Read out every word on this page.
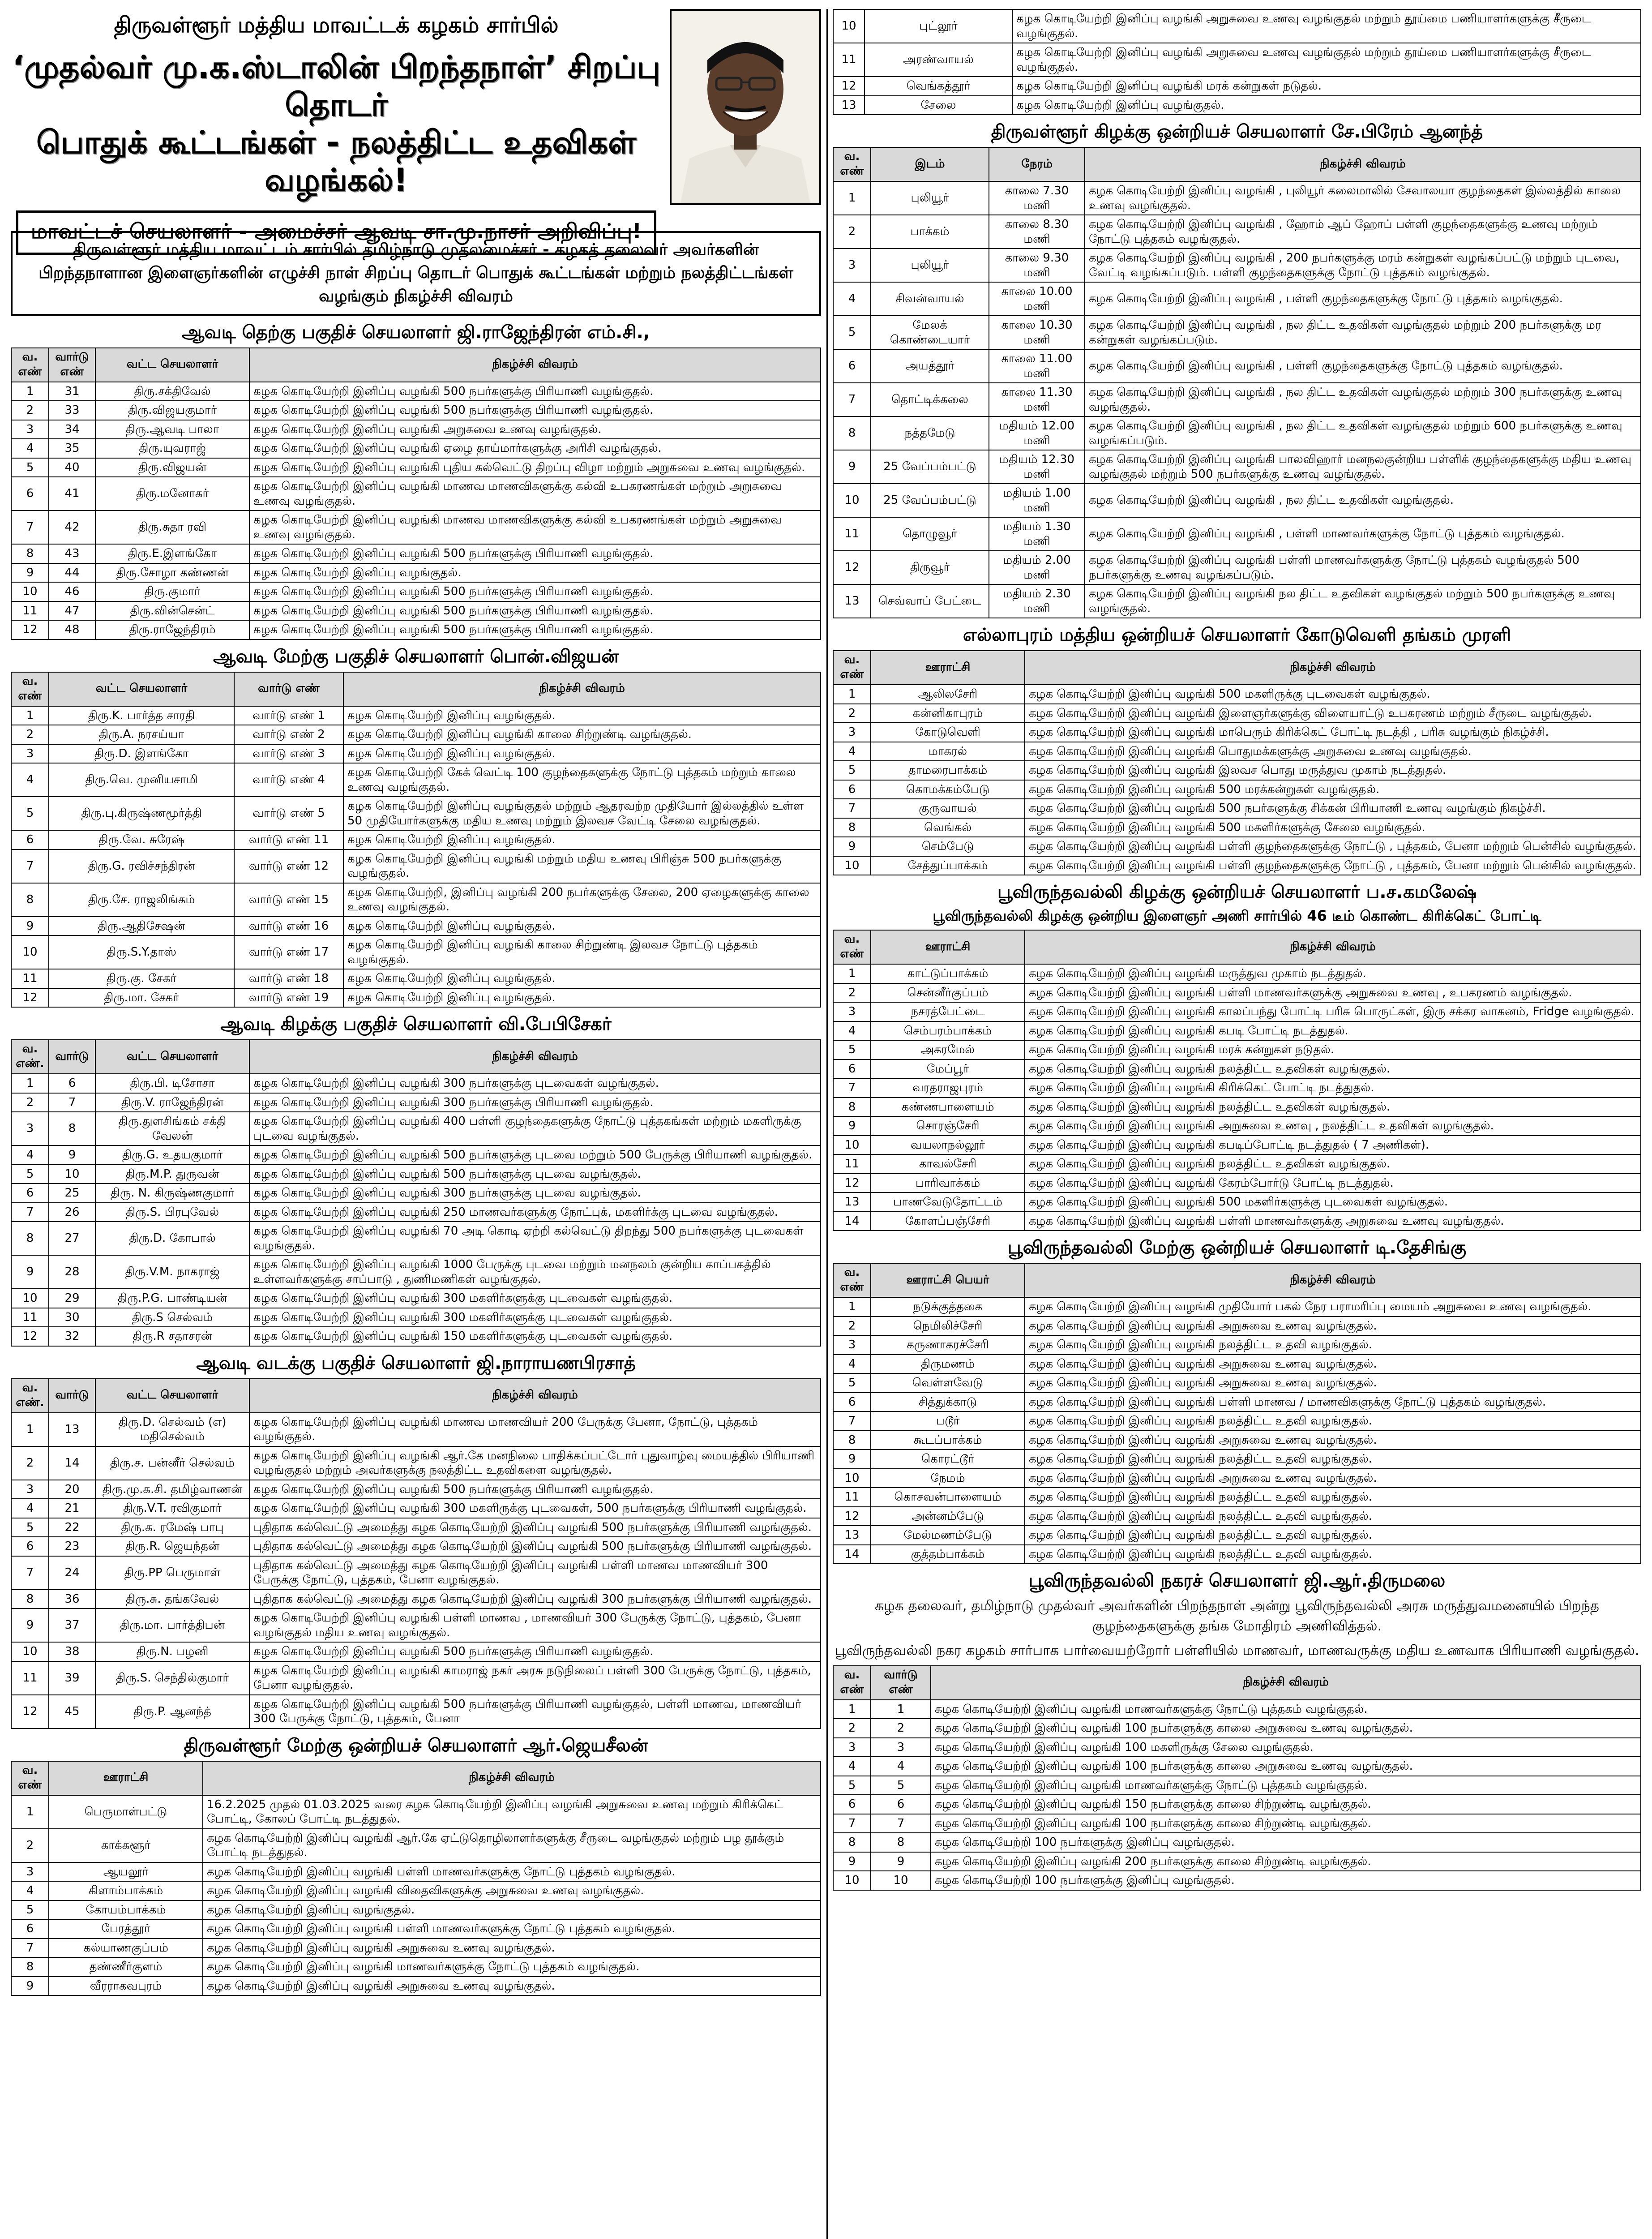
திருவள்ளூர் மத்திய மாவட்டக் கழகம் சார்பில்
‘முதல்வர் மு.க.ஸ்டாலின் பிறந்தநாள்’ சிறப்பு தொடர்
பொதுக் கூட்டங்கள் - நலத்திட்ட உதவிகள் வழங்கல்!
மாவட்டச் செயலாளர் - அமைச்சர் ஆவடி சா.மு.நாசர் அறிவிப்பு!
திருவள்ளூர் மத்திய மாவட்டம் சார்பில் தமிழ்நாடு முதலமைச்சர் - கழகத் தலைவர் அவர்களின் பிறந்தநாளான இளைஞர்களின் எழுச்சி நாள் சிறப்பு தொடர் பொதுக் கூட்டங்கள் மற்றும் நலத்திட்டங்கள் வழங்கும் நிகழ்ச்சி விவரம்
ஆவடி தெற்கு பகுதிச் செயலாளர் ஜி.ராஜேந்திரன் எம்.சி.,
வ. எண்	வார்டு எண்	வட்ட செயலாளர்	நிகழ்ச்சி விவரம்
1	31	திரு.சக்திவேல்	கழக கொடியேற்றி இனிப்பு வழங்கி 500 நபர்களுக்கு பிரியாணி வழங்குதல்.
2	33	திரு.விஜயகுமார்	கழக கொடியேற்றி இனிப்பு வழங்கி 500 நபர்களுக்கு பிரியாணி வழங்குதல்.
3	34	திரு.ஆவடி பாலா	கழக கொடியேற்றி இனிப்பு வழங்கி அறுசுவை உணவு வழங்குதல்.
4	35	திரு.யுவராஜ்	கழக கொடியேற்றி இனிப்பு வழங்கி ஏழை தாய்மார்களுக்கு அரிசி வழங்குதல்.
5	40	திரு.விஜயன்	கழக கொடியேற்றி இனிப்பு வழங்கி புதிய கல்வெட்டு திறப்பு விழா மற்றும் அறுசுவை உணவு வழங்குதல்.
6	41	திரு.மனோகர்	கழக கொடியேற்றி இனிப்பு வழங்கி மாணவ மாணவிகளுக்கு கல்வி உபகரணங்கள் மற்றும் அறுசுவை உணவு வழங்குதல்.
7	42	திரு.சுதா ரவி	கழக கொடியேற்றி இனிப்பு வழங்கி மாணவ மாணவிகளுக்கு கல்வி உபகரணங்கள் மற்றும் அறுசுவை உணவு வழங்குதல்.
8	43	திரு.E.இளங்கோ	கழக கொடியேற்றி இனிப்பு வழங்கி 500 நபர்களுக்கு பிரியாணி வழங்குதல்.
9	44	திரு.சோழா கண்ணன்	கழக கொடியேற்றி இனிப்பு வழங்குதல்.
10	46	திரு.குமார்	கழக கொடியேற்றி இனிப்பு வழங்கி 500 நபர்களுக்கு பிரியாணி வழங்குதல்.
11	47	திரு.வின்சென்ட்	கழக கொடியேற்றி இனிப்பு வழங்கி 500 நபர்களுக்கு பிரியாணி வழங்குதல்.
12	48	திரு.ராஜேந்திரம்	கழக கொடியேற்றி இனிப்பு வழங்கி 500 நபர்களுக்கு பிரியாணி வழங்குதல்.
ஆவடி மேற்கு பகுதிச் செயலாளர் பொன்.விஜயன்
வ. எண்	வட்ட செயலாளர்	வார்டு எண்	நிகழ்ச்சி விவரம்
1	திரு.K. பார்த்த சாரதி	வார்டு எண் 1	கழக கொடியேற்றி இனிப்பு வழங்குதல்.
2	திரு.A. நரசய்யா	வார்டு எண் 2	கழக கொடியேற்றி இனிப்பு வழங்கி காலை சிற்றுண்டி வழங்குதல்.
3	திரு.D. இளங்கோ	வார்டு எண் 3	கழக கொடியேற்றி இனிப்பு வழங்குதல்.
4	திரு.வெ. முனியசாமி	வார்டு எண் 4	கழக கொடியேற்றி கேக் வெட்டி 100 குழந்தைகளுக்கு நோட்டு புத்தகம் மற்றும் காலை உணவு வழங்குதல்.
5	திரு.பு.கிருஷ்ணமூர்த்தி	வார்டு எண் 5	கழக கொடியேற்றி இனிப்பு வழங்குதல் மற்றும் ஆதரவற்ற முதியோர் இல்லத்தில் உள்ள 50 முதியோர்களுக்கு மதிய உணவு மற்றும் இலவச வேட்டி சேலை வழங்குதல்.
6	திரு.வே. சுரேஷ்	வார்டு எண் 11	கழக கொடியேற்றி இனிப்பு வழங்குதல்.
7	திரு.G. ரவிச்சந்திரன்	வார்டு எண் 12	கழக கொடியேற்றி இனிப்பு வழங்கி மற்றும் மதிய உணவு பிரிஞ்சு 500 நபர்களுக்கு வழங்குதல்.
8	திரு.சே. ராஜலிங்கம்	வார்டு எண் 15	கழக கொடியேற்றி, இனிப்பு வழங்கி 200 நபர்களுக்கு சேலை, 200 ஏழைகளுக்கு காலை உணவு வழங்குதல்.
9	திரு.ஆதிசேஷன்	வார்டு எண் 16	கழக கொடியேற்றி இனிப்பு வழங்குதல்.
10	திரு.S.Y.தாஸ்	வார்டு எண் 17	கழக கொடியேற்றி இனிப்பு வழங்கி காலை சிற்றுண்டி இலவச நோட்டு புத்தகம் வழங்குதல்.
11	திரு.கு. சேகர்	வார்டு எண் 18	கழக கொடியேற்றி இனிப்பு வழங்குதல்.
12	திரு.மா. சேகர்	வார்டு எண் 19	கழக கொடியேற்றி இனிப்பு வழங்குதல்.
ஆவடி கிழக்கு பகுதிச் செயலாளர் வி.பேபிசேகர்
வ. எண்.	வார்டு	வட்ட செயலாளர்	நிகழ்ச்சி விவரம்
1	6	திரு.பி. டிசோசா	கழக கொடியேற்றி இனிப்பு வழங்கி 300 நபர்களுக்கு புடவைகள் வழங்குதல்.
2	7	திரு.V. ராஜேந்திரன்	கழக கொடியேற்றி இனிப்பு வழங்கி 300 நபர்களுக்கு பிரியாணி வழங்குதல்.
3	8	திரு.துளசிங்கம் சக்தி வேலன்	கழக கொடியேற்றி இனிப்பு வழங்கி 400 பள்ளி குழந்தைகளுக்கு நோட்டு புத்தகங்கள் மற்றும் மகளிருக்கு புடவை வழங்குதல்.
4	9	திரு.G. உதயகுமார்	கழக கொடியேற்றி இனிப்பு வழங்கி 500 நபர்களுக்கு புடவை மற்றும் 500 பேருக்கு பிரியாணி வழங்குதல்.
5	10	திரு.M.P. துருவன்	கழக கொடியேற்றி இனிப்பு வழங்கி 500 நபர்களுக்கு புடவை வழங்குதல்.
6	25	திரு. N. கிருஷ்ணகுமார்	கழக கொடியேற்றி இனிப்பு வழங்கி 300 நபர்களுக்கு புடவை வழங்குதல்.
7	26	திரு.S. பிரபுவேல்	கழக கொடியேற்றி இனிப்பு வழங்கி 250 மாணவர்களுக்கு நோட்புக், மகளிர்க்கு புடவை வழங்குதல்.
8	27	திரு.D. கோபால்	கழக கொடியேற்றி இனிப்பு வழங்கி 70 அடி கொடி ஏற்றி கல்வெட்டு திறந்து 500 நபர்களுக்கு புடவைகள் வழங்குதல்.
9	28	திரு.V.M. நாகராஜ்	கழக கொடியேற்றி இனிப்பு வழங்கி 1000 பேருக்கு புடவை மற்றும் மனநலம் குன்றிய காப்பகத்தில் உள்ளவர்களுக்கு சாப்பாடு , துணிமணிகள் வழங்குதல்.
10	29	திரு.P.G. பாண்டியன்	கழக கொடியேற்றி இனிப்பு வழங்கி 300 மகளிர்களுக்கு புடவைகள் வழங்குதல்.
11	30	திரு.S செல்வம்	கழக கொடியேற்றி இனிப்பு வழங்கி 300 மகளிர்களுக்கு புடவைகள் வழங்குதல்.
12	32	திரு.R சதாசரன்	கழக கொடியேற்றி இனிப்பு வழங்கி 150 மகளிர்களுக்கு புடவைகள் வழங்குதல்.
ஆவடி வடக்கு பகுதிச் செயலாளர் ஜி.நாராயணபிரசாத்
வ. எண்.	வார்டு	வட்ட செயலாளர்	நிகழ்ச்சி விவரம்
1	13	திரு.D. செல்வம் (எ) மதிசெல்வம்	கழக கொடியேற்றி இனிப்பு வழங்கி மாணவ மாணவியர் 200 பேருக்கு பேனா, நோட்டு, புத்தகம் வழங்குதல்.
2	14	திரு.ச. பன்னீர் செல்வம்	கழக கொடியேற்றி இனிப்பு வழங்கி ஆர்.கே மனநிலை பாதிக்கப்பட்டோர் புதுவாழ்வு மையத்தில் பிரியாணி வழங்குதல் மற்றும் அவர்களுக்கு நலத்திட்ட உதவிகளை வழங்குதல்.
3	20	திரு.மு.க.சி. தமிழ்வாணன்	கழக கொடியேற்றி இனிப்பு வழங்கி 500 நபர்களுக்கு பிரியாணி வழங்குதல்.
4	21	திரு.V.T. ரவிகுமார்	கழக கொடியேற்றி இனிப்பு வழங்கி 300 மகளிருக்கு புடவைகள், 500 நபர்களுக்கு பிரியாணி வழங்குதல்.
5	22	திரு.க. ரமேஷ் பாபு	புதிதாக கல்வெட்டு அமைத்து கழக கொடியேற்றி இனிப்பு வழங்கி 500 நபர்களுக்கு பிரியாணி வழங்குதல்.
6	23	திரு.R. ஜெயந்தன்	புதிதாக கல்வெட்டு அமைத்து கழக கொடியேற்றி இனிப்பு வழங்கி 500 நபர்களுக்கு பிரியாணி வழங்குதல்.
7	24	திரு.PP பெருமாள்	புதிதாக கல்வெட்டு அமைத்து கழக கொடியேற்றி இனிப்பு வழங்கி பள்ளி மாணவ மாணவியர் 300 பேருக்கு நோட்டு, புத்தகம், பேனா வழங்குதல்.
8	36	திரு.சு. தங்கவேல்	புதிதாக கல்வெட்டு அமைத்து கழக கொடியேற்றி இனிப்பு வழங்கி 300 நபர்களுக்கு பிரியாணி வழங்குதல்.
9	37	திரு.மா. பார்த்திபன்	கழக கொடியேற்றி இனிப்பு வழங்கி பள்ளி மாணவ , மாணவியர் 300 பேருக்கு நோட்டு, புத்தகம், பேனா வழங்குதல் மதிய உணவு வழங்குதல்.
10	38	திரு.N. பழனி	கழக கொடியேற்றி இனிப்பு வழங்கி 500 நபர்களுக்கு பிரியாணி வழங்குதல்.
11	39	திரு.S. செந்தில்குமார்	கழக கொடியேற்றி இனிப்பு வழங்கி காமராஜ் நகர் அரசு நடுநிலைப் பள்ளி 300 பேருக்கு நோட்டு, புத்தகம், பேனா வழங்குதல்.
12	45	திரு.P. ஆனந்த்	கழக கொடியேற்றி இனிப்பு வழங்கி 500 நபர்களுக்கு பிரியாணி வழங்குதல், பள்ளி மாணவ, மாணவியர் 300 பேருக்கு நோட்டு, புத்தகம், பேனா
திருவள்ளூர் மேற்கு ஒன்றியச் செயலாளர் ஆர்.ஜெயசீலன்
வ. எண்	ஊராட்சி	நிகழ்ச்சி விவரம்
1	பெருமாள்பட்டு	16.2.2025 முதல் 01.03.2025 வரை கழக கொடியேற்றி இனிப்பு வழங்கி அறுசுவை உணவு மற்றும் கிரிக்கெட் போட்டி, கோலப் போட்டி நடத்துதல்.
2	காக்களூர்	கழக கொடியேற்றி இனிப்பு வழங்கி ஆர்.கே ஏட்டுதொழிலாளர்களுக்கு சீருடை வழங்குதல் மற்றும் பழ தூக்கும் போட்டி நடத்துதல்.
3	ஆயலூர்	கழக கொடியேற்றி இனிப்பு வழங்கி பள்ளி மாணவர்களுக்கு நோட்டு புத்தகம் வழங்குதல்.
4	கிளாம்பாக்கம்	கழக கொடியேற்றி இனிப்பு வழங்கி விதைவிகளுக்கு அறுசுவை உணவு வழங்குதல்.
5	கோயம்பாக்கம்	கழக கொடியேற்றி இனிப்பு வழங்குதல்.
6	பேரத்தூர்	கழக கொடியேற்றி இனிப்பு வழங்கி பள்ளி மாணவர்களுக்கு நோட்டு புத்தகம் வழங்குதல்.
7	கல்யாணகுப்பம்	கழக கொடியேற்றி இனிப்பு வழங்கி அறுசுவை உணவு வழங்குதல்.
8	தண்ணீர்குளம்	கழக கொடியேற்றி இனிப்பு வழங்கி மாணவர்களுக்கு நோட்டு புத்தகம் வழங்குதல்.
9	வீரராகவபுரம்	கழக கொடியேற்றி இனிப்பு வழங்கி அறுசுவை உணவு வழங்குதல்.
10	புட்லூர்	கழக கொடியேற்றி இனிப்பு வழங்கி அறுசுவை உணவு வழங்குதல் மற்றும் தூய்மை பணியாளர்களுக்கு சீருடை வழங்குதல்.
11	அரண்வாயல்	கழக கொடியேற்றி இனிப்பு வழங்கி அறுசுவை உணவு வழங்குதல் மற்றும் தூய்மை பணியாளர்களுக்கு சீருடை வழங்குதல்.
12	வெங்கத்தூர்	கழக கொடியேற்றி இனிப்பு வழங்கி மரக் கன்றுகள் நடுதல்.
13	சேலை	கழக கொடியேற்றி இனிப்பு வழங்குதல்.
திருவள்ளூர் கிழக்கு ஒன்றியச் செயலாளர் சே.பிரேம் ஆனந்த்
வ. எண்	இடம்	நேரம்	நிகழ்ச்சி விவரம்
1	புலியூர்	காலை 7.30 மணி	கழக கொடியேற்றி இனிப்பு வழங்கி , புலியூர் கலைமாலில் சேவாலயா குழந்தைகள் இல்லத்தில் காலை உணவு வழங்குதல்.
2	பாக்கம்	காலை 8.30 மணி	கழக கொடியேற்றி இனிப்பு வழங்கி , ஹோம் ஆப் ஹோப் பள்ளி குழந்தைகளுக்கு உணவு மற்றும் நோட்டு புத்தகம் வழங்குதல்.
3	புலியூர்	காலை 9.30 மணி	கழக கொடியேற்றி இனிப்பு வழங்கி , 200 நபர்களுக்கு மரம் கன்றுகள் வழங்கப்பட்டு மற்றும் புடவை, வேட்டி வழங்கப்படும். பள்ளி குழந்தைகளுக்கு நோட்டு புத்தகம் வழங்குதல்.
4	சிவன்வாயல்	காலை 10.00 மணி	கழக கொடியேற்றி இனிப்பு வழங்கி , பள்ளி குழந்தைகளுக்கு நோட்டு புத்தகம் வழங்குதல்.
5	மேலக் கொண்டையார்	காலை 10.30 மணி	கழக கொடியேற்றி இனிப்பு வழங்கி , நல திட்ட உதவிகள் வழங்குதல் மற்றும் 200 நபர்களுக்கு மர கன்றுகள் வழங்கப்படும்.
6	அயத்தூர்	காலை 11.00 மணி	கழக கொடியேற்றி இனிப்பு வழங்கி , பள்ளி குழந்தைகளுக்கு நோட்டு புத்தகம் வழங்குதல்.
7	தொட்டிக்கலை	காலை 11.30 மணி	கழக கொடியேற்றி இனிப்பு வழங்கி , நல திட்ட உதவிகள் வழங்குதல் மற்றும் 300 நபர்களுக்கு உணவு வழங்குதல்.
8	நத்தமேடு	மதியம் 12.00 மணி	கழக கொடியேற்றி இனிப்பு வழங்கி , நல திட்ட உதவிகள் வழங்குதல் மற்றும் 600 நபர்களுக்கு உணவு வழங்கப்படும்.
9	25 வேப்பம்பட்டு	மதியம் 12.30 மணி	கழக கொடியேற்றி இனிப்பு வழங்கி பாலவிஹார் மனநலகுன்றிய பள்ளிக் குழந்தைகளுக்கு மதிய உணவு வழங்குதல் மற்றும் 500 நபர்களுக்கு உணவு வழங்குதல்.
10	25 வேப்பம்பட்டு	மதியம் 1.00 மணி	கழக கொடியேற்றி இனிப்பு வழங்கி , நல திட்ட உதவிகள் வழங்குதல்.
11	தொழுவூர்	மதியம் 1.30 மணி	கழக கொடியேற்றி இனிப்பு வழங்கி , பள்ளி மாணவர்களுக்கு நோட்டு புத்தகம் வழங்குதல்.
12	திருவூர்	மதியம் 2.00 மணி	கழக கொடியேற்றி இனிப்பு வழங்கி பள்ளி மாணவர்களுக்கு நோட்டு புத்தகம் வழங்குதல் 500 நபர்களுக்கு உணவு வழங்கப்படும்.
13	செவ்வாப் பேட்டை	மதியம் 2.30 மணி	கழக கொடியேற்றி இனிப்பு வழங்கி நல திட்ட உதவிகள் வழங்குதல் மற்றும் 500 நபர்களுக்கு உணவு வழங்குதல்.
எல்லாபுரம் மத்திய ஒன்றியச் செயலாளர் கோடுவெளி தங்கம் முரளி
வ. எண்	ஊராட்சி	நிகழ்ச்சி விவரம்
1	ஆலிலசேரி	கழக கொடியேற்றி இனிப்பு வழங்கி 500 மகளிருக்கு புடவைகள் வழங்குதல்.
2	கன்னிகாபுரம்	கழக கொடியேற்றி இனிப்பு வழங்கி இளைஞர்களுக்கு விளையாட்டு உபகரணம் மற்றும் சீருடை வழங்குதல்.
3	கோடுவெளி	கழக கொடியேற்றி இனிப்பு வழங்கி மாபெரும் கிரிக்கெட் போட்டி நடத்தி , பரிசு வழங்கும் நிகழ்ச்சி.
4	மாகரல்	கழக கொடியேற்றி இனிப்பு வழங்கி பொதுமக்களுக்கு அறுசுவை உணவு வழங்குதல்.
5	தாமரைபாக்கம்	கழக கொடியேற்றி இனிப்பு வழங்கி இலவச பொது மருத்துவ முகாம் நடத்துதல்.
6	கொமக்கம்பேடு	கழக கொடியேற்றி இனிப்பு வழங்கி 500 மரக்கன்றுகள் வழங்குதல்.
7	குருவாயல்	கழக கொடியேற்றி இனிப்பு வழங்கி 500 நபர்களுக்கு சிக்கன் பிரியாணி உணவு வழங்கும் நிகழ்ச்சி.
8	வெங்கல்	கழக கொடியேற்றி இனிப்பு வழங்கி 500 மகளிர்களுக்கு சேலை வழங்குதல்.
9	செம்பேடு	கழக கொடியேற்றி இனிப்பு வழங்கி பள்ளி குழந்தைகளுக்கு நோட்டு , புத்தகம், பேனா மற்றும் பென்சில் வழங்குதல்.
10	சேத்துப்பாக்கம்	கழக கொடியேற்றி இனிப்பு வழங்கி பள்ளி குழந்தைகளுக்கு நோட்டு , புத்தகம், பேனா மற்றும் பென்சில் வழங்குதல்.
பூவிருந்தவல்லி கிழக்கு ஒன்றியச் செயலாளர் ப.ச.கமலேஷ்
பூவிருந்தவல்லி கிழக்கு ஒன்றிய இளைஞர் அணி சார்பில் 46 டீம் கொண்ட கிரிக்கெட் போட்டி
வ. எண்	ஊராட்சி	நிகழ்ச்சி விவரம்
1	காட்டுப்பாக்கம்	கழக கொடியேற்றி இனிப்பு வழங்கி மருத்துவ முகாம் நடத்துதல்.
2	சென்னீர்குப்பம்	கழக கொடியேற்றி இனிப்பு வழங்கி பள்ளி மாணவர்களுக்கு அறுசுவை உணவு , உபகரணம் வழங்குதல்.
3	நசரத்பேட்டை	கழக கொடியேற்றி இனிப்பு வழங்கி காலப்பந்து போட்டி பரிசு பொருட்கள், இரு சக்கர வாகனம், Fridge வழங்குதல்.
4	செம்பரம்பாக்கம்	கழக கொடியேற்றி இனிப்பு வழங்கி கபடி போட்டி நடத்துதல்.
5	அகரமேல்	கழக கொடியேற்றி இனிப்பு வழங்கி மரக் கன்றுகள் நடுதல்.
6	மேப்பூர்	கழக கொடியேற்றி இனிப்பு வழங்கி நலத்திட்ட உதவிகள் வழங்குதல்.
7	வரதராஜபுரம்	கழக கொடியேற்றி இனிப்பு வழங்கி கிரிக்கெட் போட்டி நடத்துதல்.
8	கண்ணபாளையம்	கழக கொடியேற்றி இனிப்பு வழங்கி நலத்திட்ட உதவிகள் வழங்குதல்.
9	சொரஞ்சேரி	கழக கொடியேற்றி இனிப்பு வழங்கி அறுசுவை உணவு , நலத்திட்ட உதவிகள் வழங்குதல்.
10	வயலாநல்லூர்	கழக கொடியேற்றி இனிப்பு வழங்கி கபடிப்போட்டி நடத்துதல் ( 7 அணிகள்).
11	காவல்சேரி	கழக கொடியேற்றி இனிப்பு வழங்கி நலத்திட்ட உதவிகள் வழங்குதல்.
12	பாரிவாக்கம்	கழக கொடியேற்றி இனிப்பு வழங்கி கேரம்போர்டு போட்டி நடத்துதல்.
13	பாணவேடுதோட்டம்	கழக கொடியேற்றி இனிப்பு வழங்கி 500 மகளிர்களுக்கு புடவைகள் வழங்குதல்.
14	கோளப்பஞ்சேரி	கழக கொடியேற்றி இனிப்பு வழங்கி பள்ளி மாணவர்களுக்கு அறுசுவை உணவு வழங்குதல்.
பூவிருந்தவல்லி மேற்கு ஒன்றியச் செயலாளர் டி.தேசிங்கு
வ. எண்	ஊராட்சி பெயர்	நிகழ்ச்சி விவரம்
1	நடுக்குத்தகை	கழக கொடியேற்றி இனிப்பு வழங்கி முதியோர் பகல் நேர பராமரிப்பு மையம் அறுசுவை உணவு வழங்குதல்.
2	நெமிலிச்சேரி	கழக கொடியேற்றி இனிப்பு வழங்கி அறுசுவை உணவு வழங்குதல்.
3	கருணாகரச்சேரி	கழக கொடியேற்றி இனிப்பு வழங்கி நலத்திட்ட உதவி வழங்குதல்.
4	திருமணம்	கழக கொடியேற்றி இனிப்பு வழங்கி அறுசுவை உணவு வழங்குதல்.
5	வெள்ளவேடு	கழக கொடியேற்றி இனிப்பு வழங்கி அறுசுவை உணவு வழங்குதல்.
6	சித்துக்காடு	கழக கொடியேற்றி இனிப்பு வழங்கி பள்ளி மாணவ / மாணவிகளுக்கு நோட்டு புத்தகம் வழங்குதல்.
7	படூர்	கழக கொடியேற்றி இனிப்பு வழங்கி நலத்திட்ட உதவி வழங்குதல்.
8	கூடப்பாக்கம்	கழக கொடியேற்றி இனிப்பு வழங்கி அறுசுவை உணவு வழங்குதல்.
9	கொரட்டூர்	கழக கொடியேற்றி இனிப்பு வழங்கி நலத்திட்ட உதவி வழங்குதல்.
10	நேமம்	கழக கொடியேற்றி இனிப்பு வழங்கி அறுசுவை உணவு வழங்குதல்.
11	கொசவன்பாளையம்	கழக கொடியேற்றி இனிப்பு வழங்கி நலத்திட்ட உதவி வழங்குதல்.
12	அன்னம்பேடு	கழக கொடியேற்றி இனிப்பு வழங்கி நலத்திட்ட உதவி வழங்குதல்.
13	மேல்மணம்பேடு	கழக கொடியேற்றி இனிப்பு வழங்கி நலத்திட்ட உதவி வழங்குதல்.
14	குத்தம்பாக்கம்	கழக கொடியேற்றி இனிப்பு வழங்கி நலத்திட்ட உதவி வழங்குதல்.
பூவிருந்தவல்லி நகரச் செயலாளர் ஜி.ஆர்.திருமலை
கழக தலைவர், தமிழ்நாடு முதல்வர் அவர்களின் பிறந்தநாள் அன்று பூவிருந்தவல்லி அரசு மருத்துவமனையில் பிறந்த குழந்தைகளுக்கு தங்க மோதிரம் அணிவித்தல்.
பூவிருந்தவல்லி நகர கழகம் சார்பாக பார்வையற்றோர் பள்ளியில் மாணவர், மாணவருக்கு மதிய உணவாக பிரியாணி வழங்குதல்.
வ. எண்	வார்டு எண்	நிகழ்ச்சி விவரம்
1	1	கழக கொடியேற்றி இனிப்பு வழங்கி மாணவர்களுக்கு நோட்டு புத்தகம் வழங்குதல்.
2	2	கழக கொடியேற்றி இனிப்பு வழங்கி 100 நபர்களுக்கு காலை அறுசுவை உணவு வழங்குதல்.
3	3	கழக கொடியேற்றி இனிப்பு வழங்கி 100 மகளிருக்கு சேலை வழங்குதல்.
4	4	கழக கொடியேற்றி இனிப்பு வழங்கி 100 நபர்களுக்கு காலை அறுசுவை உணவு வழங்குதல்.
5	5	கழக கொடியேற்றி இனிப்பு வழங்கி மாணவர்களுக்கு நோட்டு புத்தகம் வழங்குதல்.
6	6	கழக கொடியேற்றி இனிப்பு வழங்கி 150 நபர்களுக்கு காலை சிற்றுண்டி வழங்குதல்.
7	7	கழக கொடியேற்றி இனிப்பு வழங்கி 100 நபர்களுக்கு காலை சிற்றுண்டி வழங்குதல்.
8	8	கழக கொடியேற்றி 100 நபர்களுக்கு இனிப்பு வழங்குதல்.
9	9	கழக கொடியேற்றி இனிப்பு வழங்கி 200 நபர்களுக்கு காலை சிற்றுண்டி வழங்குதல்.
10	10	கழக கொடியேற்றி 100 நபர்களுக்கு இனிப்பு வழங்குதல்.
